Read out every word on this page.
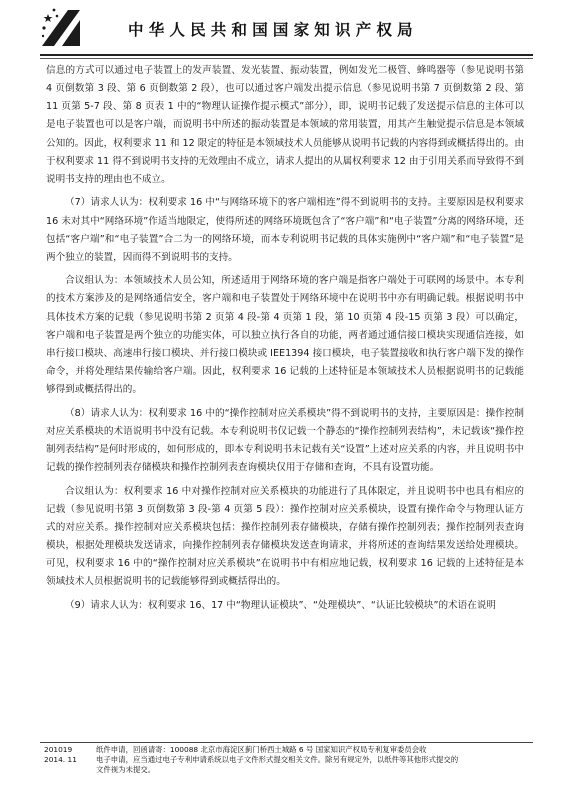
中华人民共和国国家知识产权局

信息的方式可以通过电子装置上的发声装置、发光装置、振动装置，例如发光二极管、蜂鸣器等（参见说明书第 4 页倒数第 3 段、第 6 页倒数第 2 段），也可以通过客户端发出提示信息（参见说明书第 7 页倒数第 2 段、第 11 页第 5-7 段、第 8 页表 1 中的“物理认证操作提示模式”部分），即，说明书记载了发送提示信息的主体可以是电子装置也可以是客户端，而说明书中所述的振动装置是本领域的常用装置，用其产生触觉提示信息是本领域公知的。因此，权利要求 11 和 12 限定的特征是本领域技术人员能够从说明书记载的内容得到或概括得出的。由于权利要求 11 得不到说明书支持的无效理由不成立，请求人提出的从属权利要求 12 由于引用关系而导致得不到说明书支持的理由也不成立。

（7）请求人认为：权利要求 16 中“与网络环境下的客户端相连”得不到说明书的支持。主要原因是权利要求 16 未对其中“网络环境”作适当地限定，使得所述的网络环境既包含了“客户端”和“电子装置”分离的网络环境，还包括“客户端”和“电子装置”合二为一的网络环境，而本专利说明书记载的具体实施例中“客户端”和“电子装置”是两个独立的装置，因而得不到说明书的支持。

合议组认为：本领域技术人员公知，所述适用于网络环境的客户端是指客户端处于可联网的场景中。本专利的技术方案涉及的是网络通信安全，客户端和电子装置处于网络环境中在说明书中亦有明确记载。根据说明书中具体技术方案的记载（参见说明书第 2 页第 4 段-第 4 页第 1 段，第 10 页第 4 段-15 页第 3 段）可以确定，客户端和电子装置是两个独立的功能实体，可以独立执行各自的功能，两者通过通信接口模块实现通信连接，如串行接口模块、高速串行接口模块、并行接口模块或 IEE1394 接口模块，电子装置接收和执行客户端下发的操作命令，并将处理结果传输给客户端。因此，权利要求 16 记载的上述特征是本领域技术人员根据说明书的记载能够得到或概括得出的。

（8）请求人认为：权利要求 16 中的“操作控制对应关系模块”得不到说明书的支持，主要原因是：操作控制对应关系模块的术语说明书中没有记载。本专利说明书仅记载一个静态的“操作控制列表结构”，未记载该“操作控制列表结构”是何时形成的，如何形成的，即本专利说明书未记载有关“设置”上述对应关系的内容，并且说明书中记载的操作控制列表存储模块和操作控制列表查询模块仅用于存储和查询，不具有设置功能。

合议组认为：权利要求 16 中对操作控制对应关系模块的功能进行了具体限定，并且说明书中也具有相应的记载（参见说明书第 3 页倒数第 3 段-第 4 页第 5 段）：操作控制对应关系模块，设置有操作命令与物理认证方式的对应关系。操作控制对应关系模块包括：操作控制列表存储模块，存储有操作控制列表；操作控制列表查询模块，根据处理模块发送请求，向操作控制列表存储模块发送查询请求，并将所述的查询结果发送给处理模块。可见，权利要求 16 中的“操作控制对应关系模块”在说明书中有相应地记载，权利要求 16 记载的上述特征是本领域技术人员根据说明书的记载能够得到或概括得出的。

（9）请求人认为：权利要求 16、17 中“物理认证模块”、“处理模块”、“认证比较模块”的术语在说明

201019	纸件申请，回函请寄：100088 北京市海淀区蓟门桥西土城路 6 号 国家知识产权局专利复审委员会收
2014. 11	电子申请，应当通过电子专利申请系统以电子文件形式提交相关文件。除另有规定外，以纸件等其他形式提交的
文件视为未提交。
